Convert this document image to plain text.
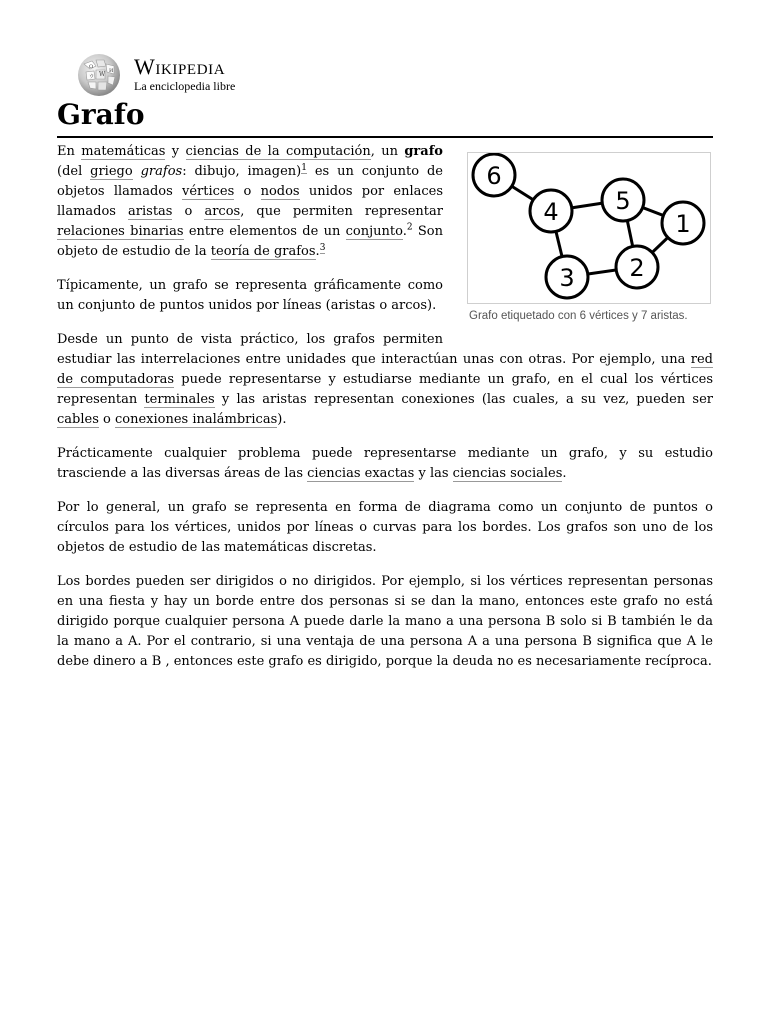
Ω
W И
ウ Wikipedia
La enciclopedia libre
Grafo
6
4 5
1
3 2
Grafo etiquetado con 6 vértices y 7 aristas.

En matemáticas y ciencias de la computación, un grafo (del griego grafos: dibujo, imagen)$^1$ es un conjunto de objetos llamados vértices o nodos unidos por enlaces llamados aristas o arcos, que permiten representar relaciones binarias entre elementos de un conjunto.$^2$ Son objeto de estudio de la teoría de grafos.$^3$

Típicamente, un grafo se representa gráficamente como un conjunto de puntos unidos por líneas (aristas o arcos).

Desde un punto de vista práctico, los grafos permiten estudiar las interrelaciones entre unidades que interactúan unas con otras. Por ejemplo, una red de computadoras puede representarse y estudiarse mediante un grafo, en el cual los vértices representan terminales y las aristas representan conexiones (las cuales, a su vez, pueden ser cables o conexiones inalámbricas).

Prácticamente cualquier problema puede representarse mediante un grafo, y su estudio trasciende a las diversas áreas de las ciencias exactas y las ciencias sociales.

Por lo general, un grafo se representa en forma de diagrama como un conjunto de puntos o círculos para los vértices, unidos por líneas o curvas para los bordes. Los grafos son uno de los objetos de estudio de las matemáticas discretas.

Los bordes pueden ser dirigidos o no dirigidos. Por ejemplo, si los vértices representan personas en una fiesta y hay un borde entre dos personas si se dan la mano, entonces este grafo no está dirigido porque cualquier persona A puede darle la mano a una persona B solo si B también le da la mano a A. Por el contrario, si una ventaja de una persona A a una persona B significa que A le debe dinero a B , entonces este grafo es dirigido, porque la deuda no es necesariamente recíproca.
